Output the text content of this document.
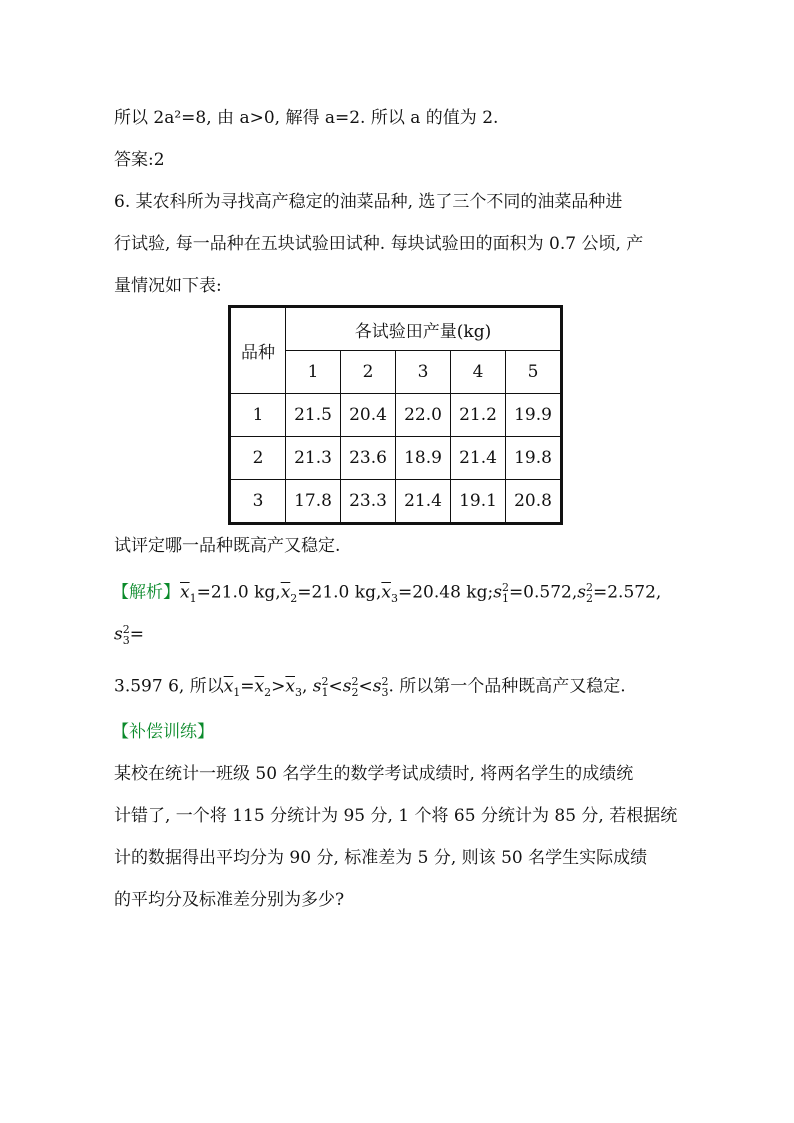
所以 2a²=8, 由 a>0, 解得 a=2. 所以 a 的值为 2.
答案:2
6. 某农科所为寻找高产稳定的油菜品种, 选了三个不同的油菜品种进
行试验, 每一品种在五块试验田试种. 每块试验田的面积为 0.7 公顷, 产
量情况如下表:
品种	各试验田产量(kg)				
	1	2	3	4	5
1	21.5	20.4	22.0	21.2	19.9
2	21.3	23.6	18.9	21.4	19.8
3	17.8	23.3	21.4	19.1	20.8
试评定哪一品种既高产又稳定.
【解析】$\overline{x}_1=21.0$ $kg,\overline{x}_2=21.0$ $kg,\overline{x}_3=20.48$ $kg;s^2_1=0.572,s^2_2=2.572$,
$s^2_3=$
3.597 6, 所以$\overline{x}_1=\overline{x}_2>\overline{x}_3$, $s^2_1<s^2_2<s^2_3$. 所以第一个品种既高产又稳定.
【补偿训练】
某校在统计一班级 50 名学生的数学考试成绩时, 将两名学生的成绩统
计错了, 一个将 115 分统计为 95 分, 1 个将 65 分统计为 85 分, 若根据统
计的数据得出平均分为 90 分, 标准差为 5 分, 则该 50 名学生实际成绩
的平均分及标准差分别为多少?
